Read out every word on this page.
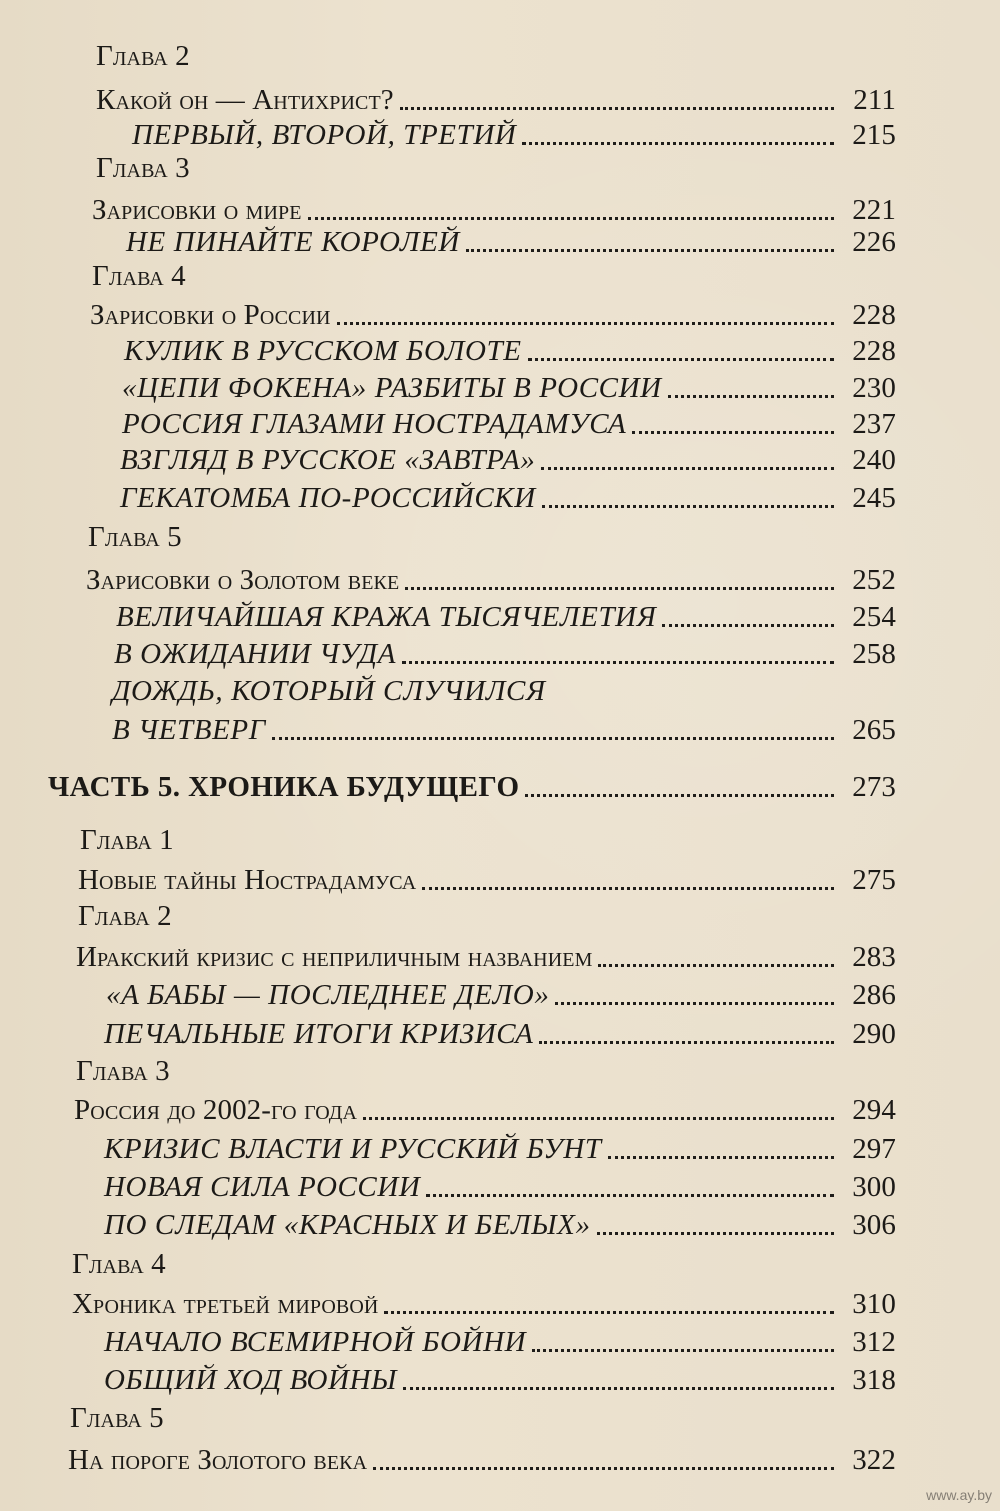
Глава 2
Какой он — Антихрист?	211
ПЕРВЫЙ, ВТОРОЙ, ТРЕТИЙ	215
Глава 3
Зарисовки о мире	221
НЕ ПИНАЙТЕ КОРОЛЕЙ	226
Глава 4
Зарисовки о России	228
КУЛИК В РУССКОМ БОЛОТЕ	228
«ЦЕПИ ФОКЕНА» РАЗБИТЫ В РОССИИ	230
РОССИЯ ГЛАЗАМИ НОСТРАДАМУСА	237
ВЗГЛЯД В РУССКОЕ «ЗАВТРА»	240
ГЕКАТОМБА ПО-РОССИЙСКИ	245
Глава 5
Зарисовки о Золотом веке	252
ВЕЛИЧАЙШАЯ КРАЖА ТЫСЯЧЕЛЕТИЯ	254
В ОЖИДАНИИ ЧУДА	258
ДОЖДЬ, КОТОРЫЙ СЛУЧИЛСЯ
В ЧЕТВЕРГ	265
ЧАСТЬ 5. ХРОНИКА БУДУЩЕГО	273
Глава 1
Новые тайны Нострадамуса	275
Глава 2
Иракский кризис с неприличным названием	283
«А БАБЫ — ПОСЛЕДНЕЕ ДЕЛО»	286
ПЕЧАЛЬНЫЕ ИТОГИ КРИЗИСА	290
Глава 3
Россия до 2002-го года	294
КРИЗИС ВЛАСТИ И РУССКИЙ БУНТ	297
НОВАЯ СИЛА РОССИИ	300
ПО СЛЕДАМ «КРАСНЫХ И БЕЛЫХ»	306
Глава 4
Хроника третьей мировой	310
НАЧАЛО ВСЕМИРНОЙ БОЙНИ	312
ОБЩИЙ ХОД ВОЙНЫ	318
Глава 5
На пороге Золотого века	322
www.ay.by
